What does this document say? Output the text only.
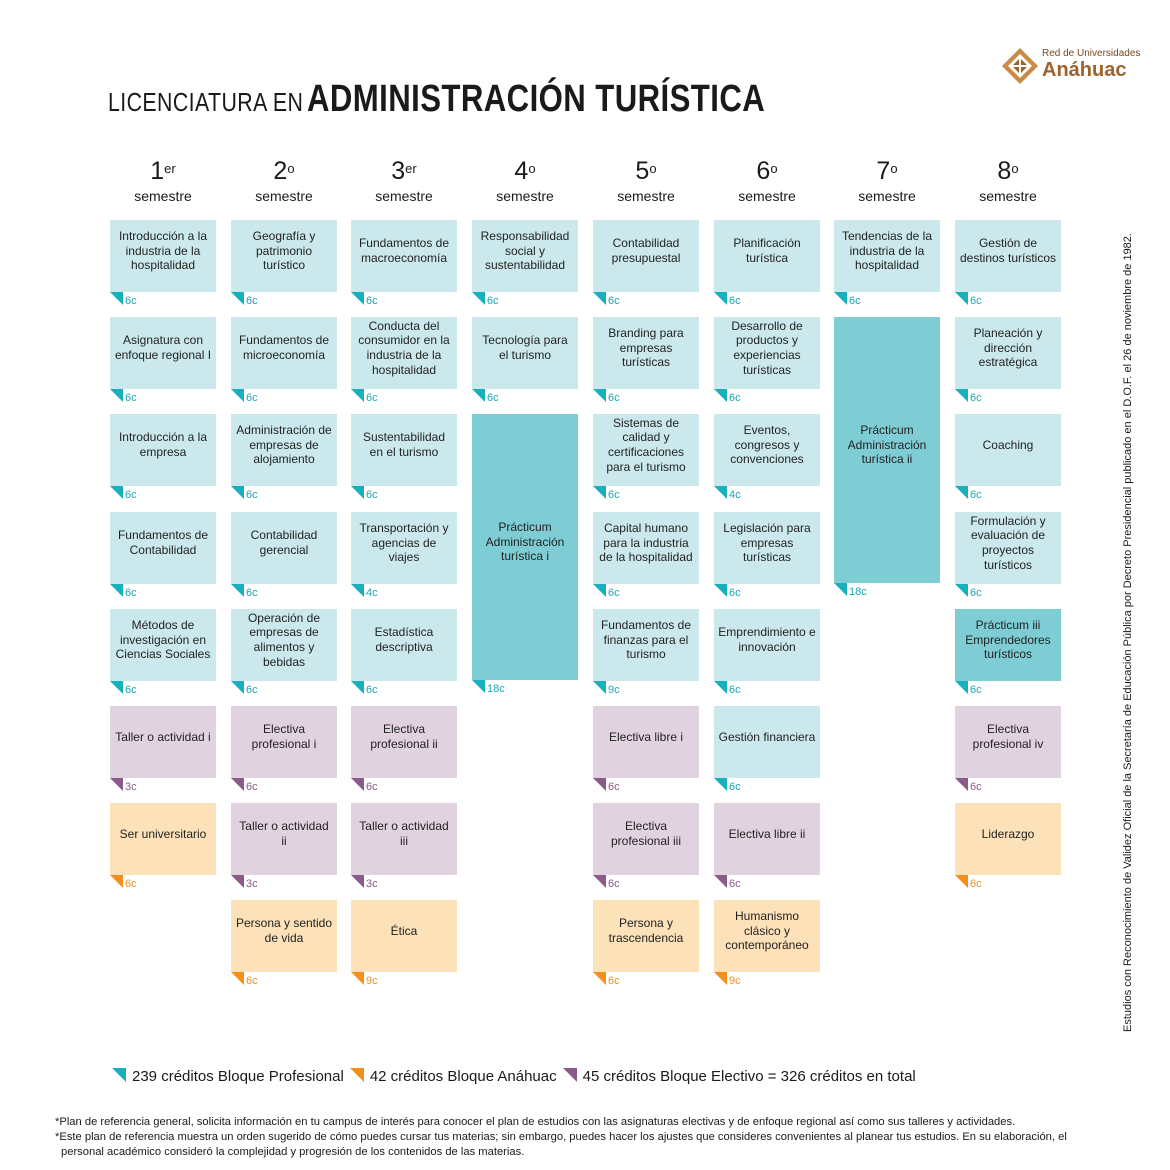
LICENCIATURA EN ADMINISTRACIÓN TURÍSTICA
Red de Universidades
Anáhuac
1er
semestre
Introducción a la industria de la hospitalidad
6c
Asignatura con enfoque regional I
6c
Introducción a la empresa
6c
Fundamentos de Contabilidad
6c
Métodos de investigación en Ciencias Sociales
6c
Taller o actividad i
3c
Ser universitario
6c
2$^o$
semestre
Geografía y patrimonio turístico
6c
Fundamentos de microeconomía
6c
Administración de empresas de alojamiento
6c
Contabilidad gerencial
6c
Operación de empresas de alimentos y bebidas
6c
Electiva profesional i
6c
Taller o actividad ii
3c
Persona y sentido de vida
6c
3er
semestre
Fundamentos de macroeconomía
6c
Conducta del consumidor en la industria de la hospitalidad
6c
Sustentabilidad en el turismo
6c
Transportación y agencias de viajes
4c
Estadística descriptiva
6c
Electiva profesional ii
6c
Taller o actividad iii
3c
Ética
9c
4$^o$
semestre
Responsabilidad social y sustentabilidad
6c
Tecnología para el turismo
6c
Prácticum Administración turística i
18c
5$^o$
semestre
Contabilidad presupuestal
6c
Branding para empresas turísticas
6c
Sistemas de calidad y certificaciones para el turismo
6c
Capital humano para la industria de la hospitalidad
6c
Fundamentos de finanzas para el turismo
9c
Electiva libre i
6c
Electiva profesional iii
6c
Persona y trascendencia
6c
6$^o$
semestre
Planificación turística
6c
Desarrollo de productos y experiencias turísticas
6c
Eventos, congresos y convenciones
4c
Legislación para empresas turísticas
6c
Emprendimiento e innovación
6c
Gestión financiera
6c
Electiva libre ii
6c
Humanismo clásico y contemporáneo
9c
7$^o$
semestre
Tendencias de la industria de la hospitalidad
6c
Prácticum Administración turística ii
18c
8$^o$
semestre
Gestión de destinos turísticos
6c
Planeación y dirección estratégica
6c
Coaching
6c
Formulación y evaluación de proyectos turísticos
6c
Prácticum iii Emprendedores turísticos
6c
Electiva profesional iv
6c
Liderazgo
6c	Estudios con Reconocimiento de Validez Oficial de la Secretaría de Educación Pública por Decreto Presidencial publicado en el D.O.F. el 26 de noviembre de 1982.
239 créditos Bloque Profesional 42 créditos Bloque Anáhuac 45 créditos Bloque Electivo = 326 créditos en total

*Plan de referencia general, solicita información en tu campus de interés para conocer el plan de estudios con las asignaturas electivas y de enfoque regional así como sus talleres y actividades.

*Este plan de referencia muestra un orden sugerido de cómo puedes cursar tus materias; sin embargo, puedes hacer los ajustes que consideres convenientes al planear tus estudios. En su elaboración, el

personal académico consideró la complejidad y progresión de los contenidos de las materias.
